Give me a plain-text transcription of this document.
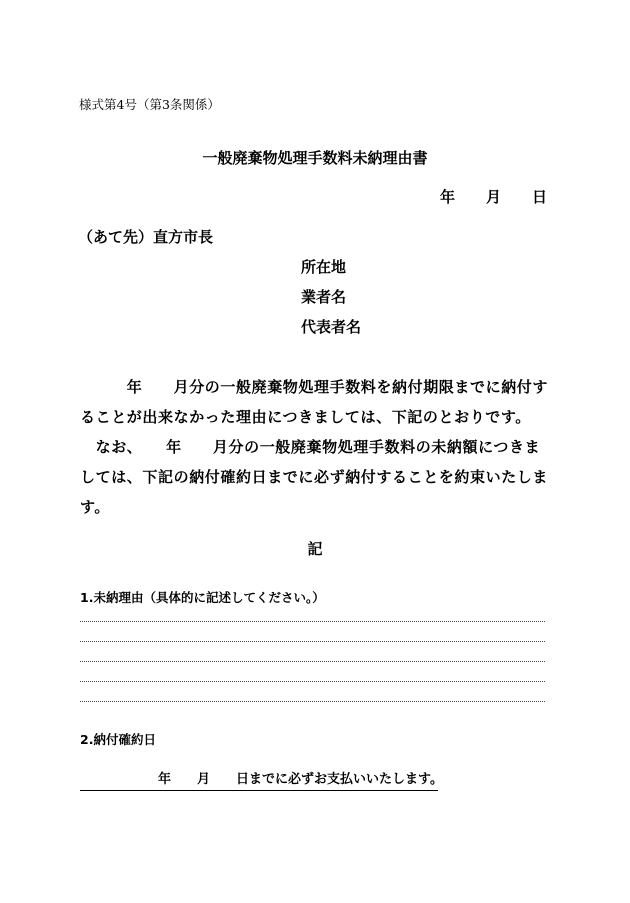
様式第4号（第3条関係）
一般廃棄物処理手数料未納理由書
年 月 日
（あて先）直方市長
所在地
業者名
代表者名
　　　年　　月分の一般廃棄物処理手数料を納付期限までに納付す
ることが出来なかった理由につきましては、下記のとおりです。
　なお、　　年　　月分の一般廃棄物処理手数料の未納額につきま
しては、下記の納付確約日までに必ず納付することを約束いたしま
す。
記
1.未納理由（具体的に記述してください。）
2.納付確約日
　　　　　　年　　月　　日までに必ずお支払いいたします。
